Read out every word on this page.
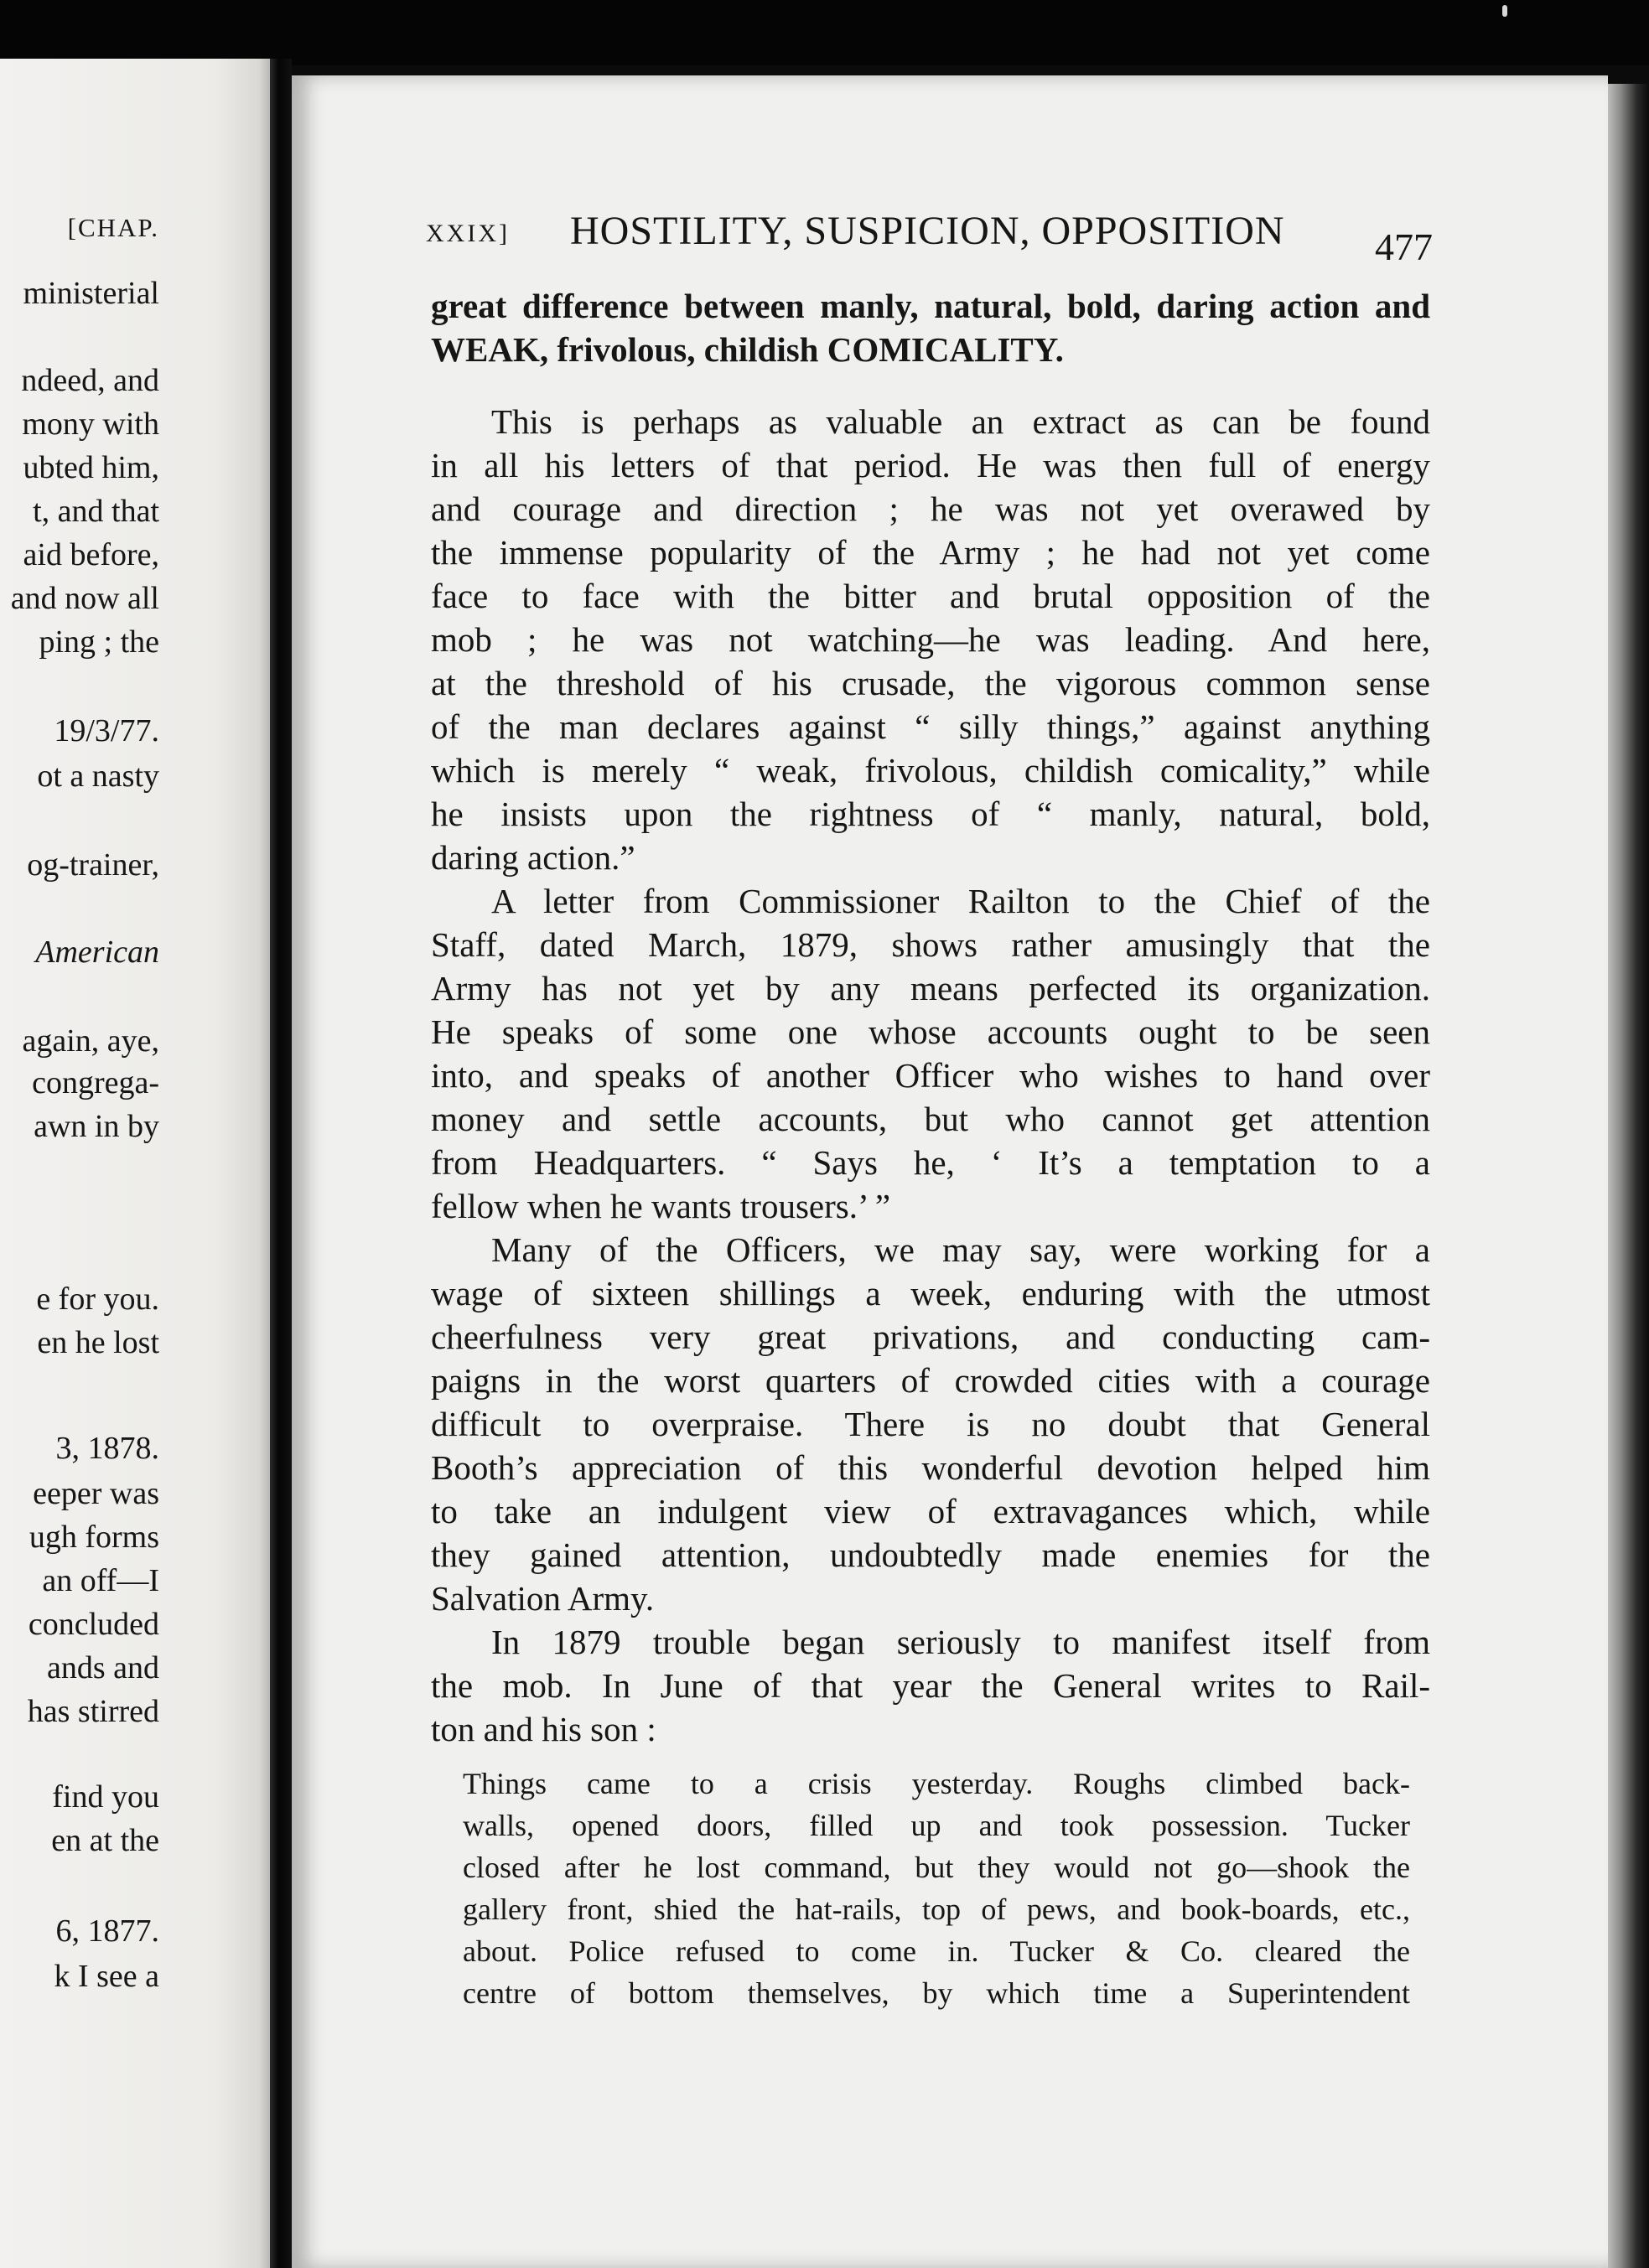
[CHAP.
ministerial
ndeed, and
mony with
ubted him,
t, and that
aid before,
and now all
ping ; the
19/3/77.
ot a nasty
og-trainer,
American
again, aye,
congrega-
awn in by
e for you.
en he lost
3, 1878.
eeper was
ugh forms
an off—I
concluded
ands and
has stirred
find you
en at the
6, 1877.
k I see a
XXIX] HOSTILITY, SUSPICION, OPPOSITION 477
great difference between manly, natural, bold, daring action and
WEAK, frivolous, childish COMICALITY.
This is perhaps as valuable an extract as can be found
in all his letters of that period. He was then full of energy
and courage and direction ; he was not yet overawed by
the immense popularity of the Army ; he had not yet come
face to face with the bitter and brutal opposition of the
mob ; he was not watching—he was leading. And here,
at the threshold of his crusade, the vigorous common sense
of the man declares against “ silly things,” against anything
which is merely “ weak, frivolous, childish comicality,” while
he insists upon the rightness of “ manly, natural, bold,
daring action.”
A letter from Commissioner Railton to the Chief of the
Staff, dated March, 1879, shows rather amusingly that the
Army has not yet by any means perfected its organization.
He speaks of some one whose accounts ought to be seen
into, and speaks of another Officer who wishes to hand over
money and settle accounts, but who cannot get attention
from Headquarters. “ Says he, ‘ It’s a temptation to a
fellow when he wants trousers.’ ”
Many of the Officers, we may say, were working for a
wage of sixteen shillings a week, enduring with the utmost
cheerfulness very great privations, and conducting cam-
paigns in the worst quarters of crowded cities with a courage
difficult to overpraise. There is no doubt that General
Booth’s appreciation of this wonderful devotion helped him
to take an indulgent view of extravagances which, while
they gained attention, undoubtedly made enemies for the
Salvation Army.
In 1879 trouble began seriously to manifest itself from
the mob. In June of that year the General writes to Rail-
ton and his son :
Things came to a crisis yesterday. Roughs climbed back-
walls, opened doors, filled up and took possession. Tucker
closed after he lost command, but they would not go—shook the
gallery front, shied the hat-rails, top of pews, and book-boards, etc.,
about. Police refused to come in. Tucker & Co. cleared the
centre of bottom themselves, by which time a Superintendent
